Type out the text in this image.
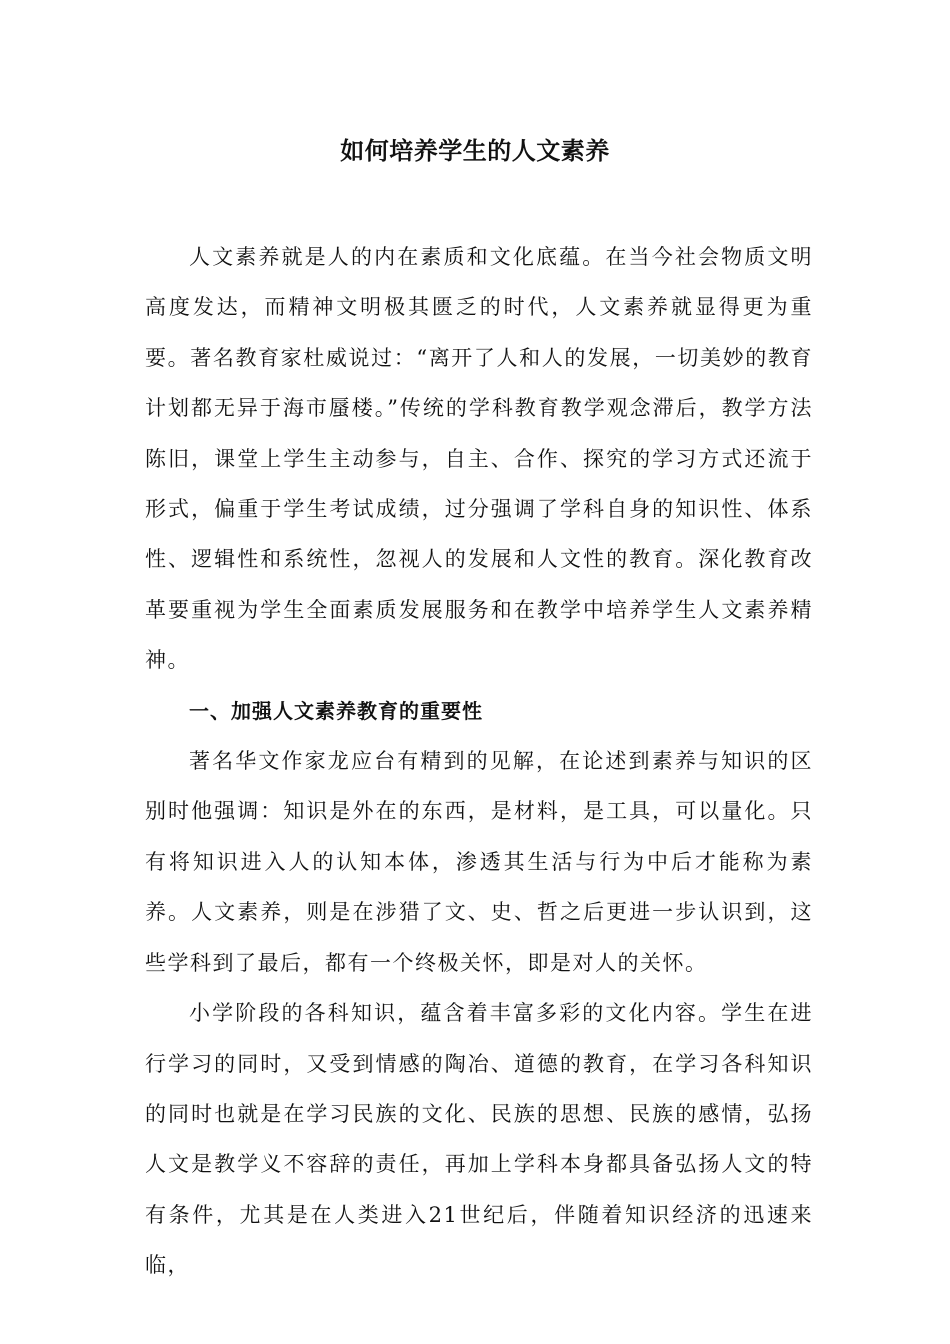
如何培养学生的人文素养

人文素养就是人的内在素质和文化底蕴。在当今社会物质文明高度发达，而精神文明极其匮乏的时代，人文素养就显得更为重要。著名教育家杜威说过：“离开了人和人的发展，一切美妙的教育计划都无异于海市蜃楼。”传统的学科教育教学观念滞后，教学方法陈旧，课堂上学生主动参与，自主、合作、探究的学习方式还流于形式，偏重于学生考试成绩，过分强调了学科自身的知识性、体系性、逻辑性和系统性，忽视人的发展和人文性的教育。深化教育改革要重视为学生全面素质发展服务和在教学中培养学生人文素养精神。

一、加强人文素养教育的重要性

著名华文作家龙应台有精到的见解，在论述到素养与知识的区别时他强调：知识是外在的东西，是材料，是工具，可以量化。只有将知识进入人的认知本体，渗透其生活与行为中后才能称为素养。人文素养，则是在涉猎了文、史、哲之后更进一步认识到，这些学科到了最后，都有一个终极关怀，即是对人的关怀。

小学阶段的各科知识，蕴含着丰富多彩的文化内容。学生在进行学习的同时，又受到情感的陶冶、道德的教育，在学习各科知识的同时也就是在学习民族的文化、民族的思想、民族的感情，弘扬人文是教学义不容辞的责任，再加上学科本身都具备弘扬人文的特有条件，尤其是在人类进入21世纪后，伴随着知识经济的迅速来临，
